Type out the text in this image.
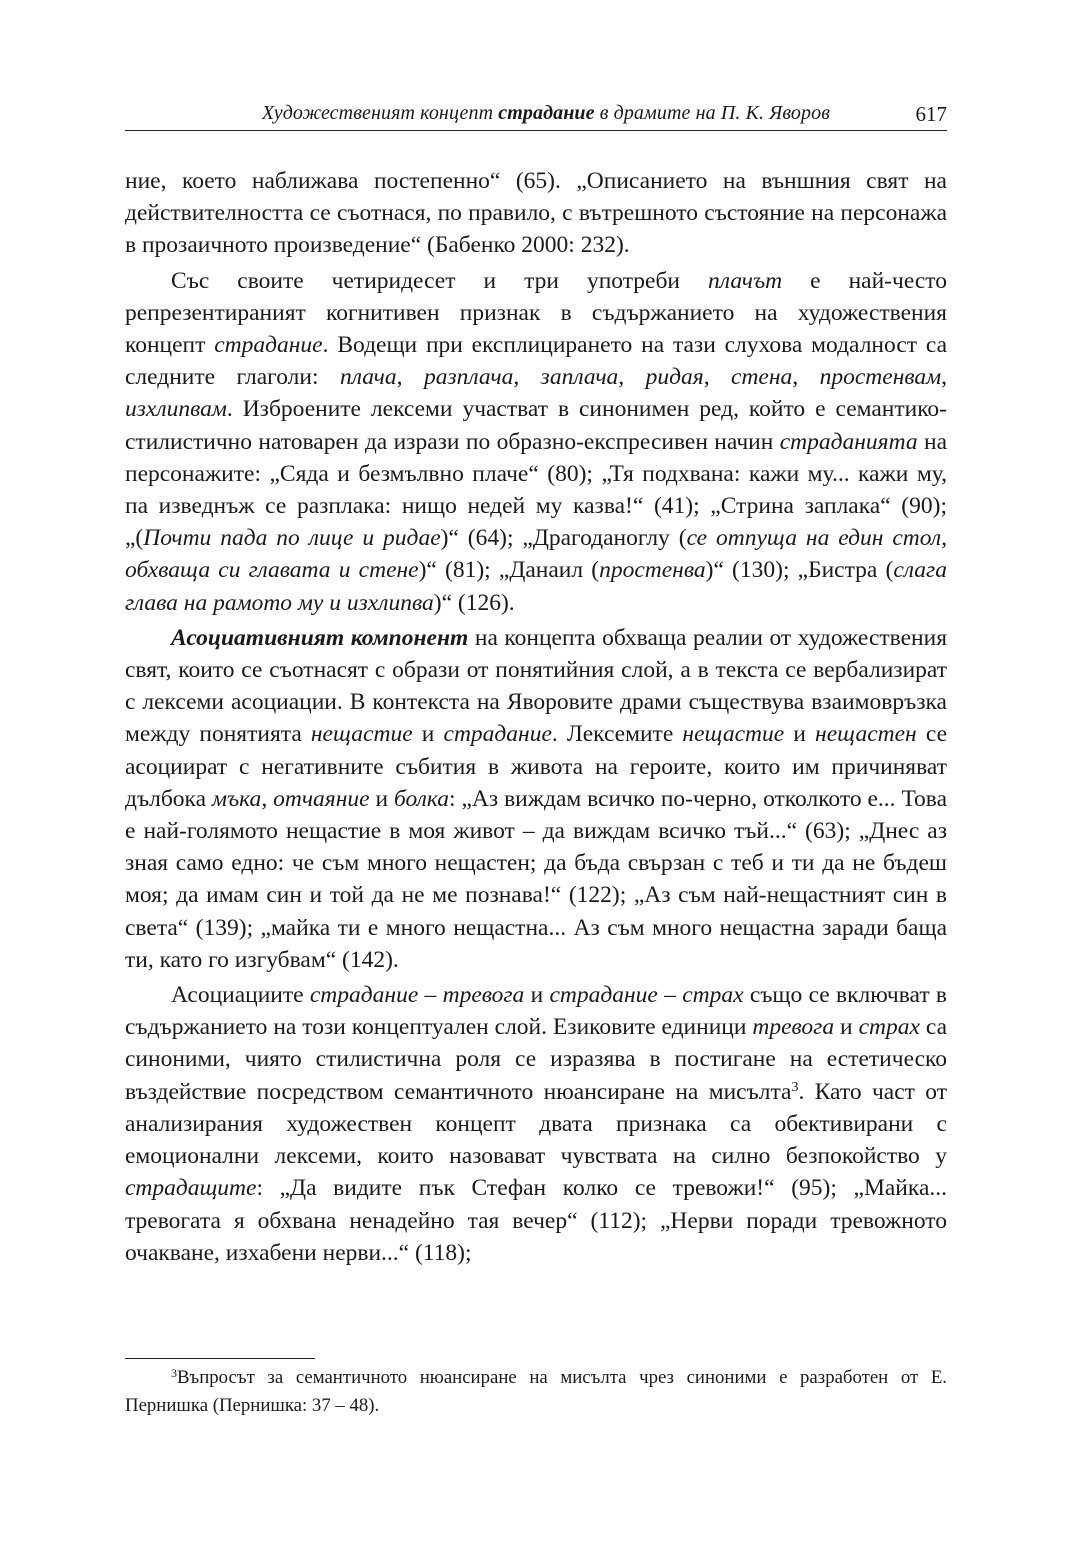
Художественият концепт страдание в драмите на П. К. Яворов	617

ние, което наближава постепенно“ (65). „Описанието на външния свят на действителността се съотнася, по правило, с вътрешното състояние на персонажа в прозаичното произведение“ (Бабенко 2000: 232).

Със своите четиридесет и три употреби плачът е най-често репрезентираният когнитивен признак в съдържанието на художествения концепт страдание. Водещи при експлицирането на тази слухова модалност са следните глаголи: плача, разплача, заплача, ридая, стена, простенвам, изхлипвам. Изброените лексеми участват в синонимен ред, който е семантико-стилистично натоварен да изрази по образно-експресивен начин страданията на персонажите: „Сяда и безмълвно плаче“ (80); „Тя подхвана: кажи му... кажи му, па изведнъж се разплака: нищо недей му казва!“ (41); „Стрина заплака“ (90); „(Почти пада по лице и ридае)“ (64); „Драгоданоглу (се отпуща на един стол, обхваща си главата и стене)“ (81); „Данаил (простенва)“ (130); „Бистра (слага глава на рамото му и изхлипва)“ (126).

Асоциативният компонент на концепта обхваща реалии от художествения свят, които се съотнасят с образи от понятийния слой, а в текста се вербализират с лексеми асоциации. В контекста на Яворовите драми съществува взаимовръзка между понятията нещастие и страдание. Лексемите нещастие и нещастен се асоциират с негативните събития в живота на героите, които им причиняват дълбока мъка, отчаяние и болка: „Аз виждам всичко по-черно, отколкото е... Това е най-голямото нещастие в моя живот – да виждам всичко тъй...“ (63); „Днес аз зная само едно: че съм много нещастен; да бъда свързан с теб и ти да не бъдеш моя; да имам син и той да не ме познава!“ (122); „Аз съм най-нещастният син в света“ (139); „майка ти е много нещастна... Аз съм много нещастна заради баща ти, като го изгубвам“ (142).

Асоциациите страдание – тревога и страдание – страх също се включват в съдържанието на този концептуален слой. Езиковите единици тревога и страх са синоними, чиято стилистична роля се изразява в постигане на естетическо въздействие посредством семантичното нюансиране на мисълта$^3$. Като част от анализирания художествен концепт двата признака са обективирани с емоционални лексеми, които назовават чувствата на силно безпокойство у страдащите: „Да видите пък Стефан колко се тревожи!“ (95); „Майка... тревогата я обхвана ненадейно тая вечер“ (112); „Нерви поради тревожното очакване, изхабени нерви...“ (118);

$^3$Въпросът за семантичното нюансиране на мисълта чрез синоними е разработен от Е. Пернишка (Пернишка: 37 – 48).
